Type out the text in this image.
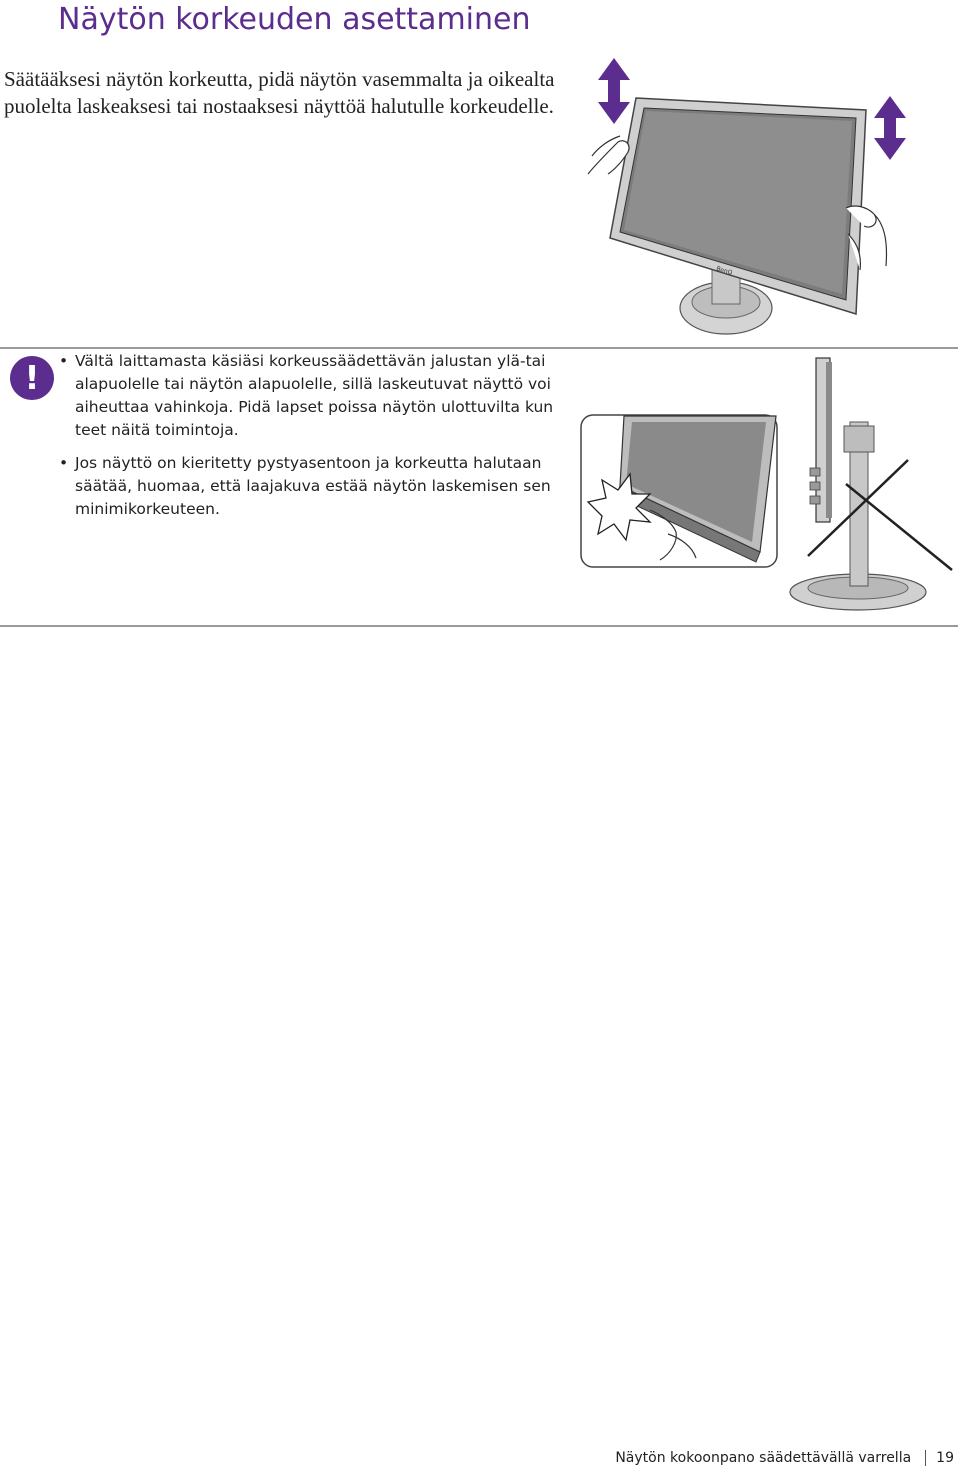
Näytön korkeuden asettaminen

Säätääksesi näytön korkeutta, pidä näytön vasemmalta ja oikealta puolelta laskeaksesi tai nostaaksesi näyttöä halutulle korkeudelle.

BenQ
!
•	Vältä laittamasta käsiäsi korkeussäädettävän jalustan ylä-tai alapuolelle tai näytön alapuolelle, sillä laskeutuvat näyttö voi aiheuttaa vahinkoja. Pidä lapset poissa näytön ulottuvilta kun teet näitä toimintoja.
• Jos näyttö on kieritetty pystyasentoon ja korkeutta halutaan säätää, huomaa, että laajakuva estää näytön laskemisen sen minimikorkeuteen.
Näytön kokoonpano säädettävällä varrella 19
